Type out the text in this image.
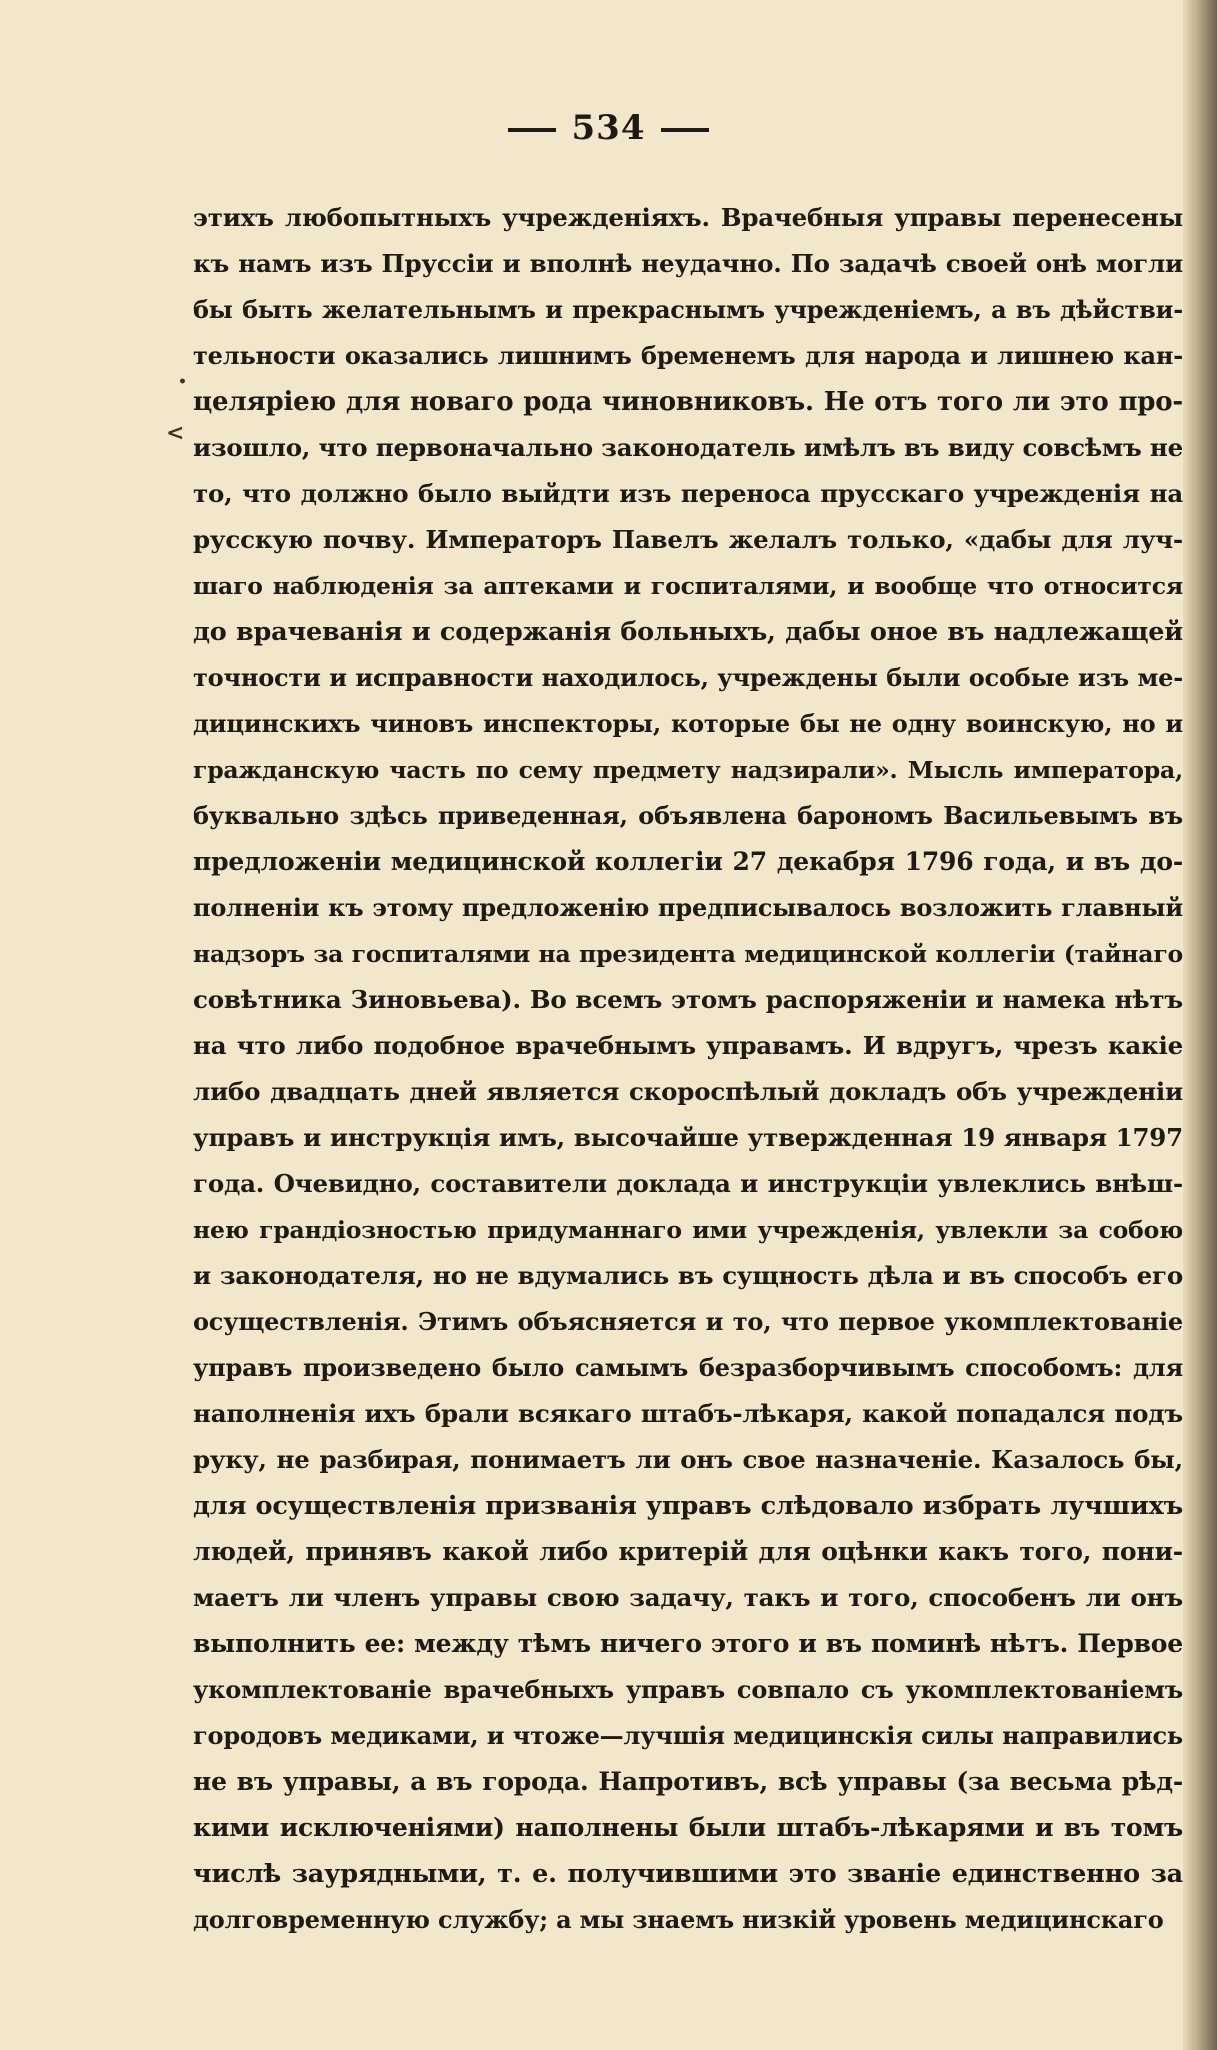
534
•
<
этихъ любопытныхъ учрежденіяхъ. Врачебныя управы перенесены
къ намъ изъ Пруссіи и вполнѣ неудачно. По задачѣ своей онѣ могли
бы быть желательнымъ и прекраснымъ учрежденіемъ, а въ дѣйстви-
тельности оказались лишнимъ бременемъ для народа и лишнею кан-
целяріею для новаго рода чиновниковъ. Не отъ того ли это про-
изошло, что первоначально законодатель имѣлъ въ виду совсѣмъ не
то, что должно было выйдти изъ переноса прусскаго учрежденія на
русскую почву. Императоръ Павелъ желалъ только, «дабы для луч-
шаго наблюденія за аптеками и госпиталями, и вообще что относится
до врачеванія и содержанія больныхъ, дабы оное въ надлежащей
точности и исправности находилось, учреждены были особые изъ ме-
дицинскихъ чиновъ инспекторы, которые бы не одну воинскую, но и
гражданскую часть по сему предмету надзирали». Мысль императора,
буквально здѣсь приведенная, объявлена барономъ Васильевымъ въ
предложеніи медицинской коллегіи 27 декабря 1796 года, и въ до-
полненіи къ этому предложенію предписывалось возложить главный
надзоръ за госпиталями на президента медицинской коллегіи (тайнаго
совѣтника Зиновьева). Во всемъ этомъ распоряженіи и намека нѣтъ
на что либо подобное врачебнымъ управамъ. И вдругъ, чрезъ какіе
либо двадцать дней является скороспѣлый докладъ объ учрежденіи
управъ и инструкція имъ, высочайше утвержденная 19 января 1797
года. Очевидно, составители доклада и инструкціи увлеклись внѣш-
нею грандіозностью придуманнаго ими учрежденія, увлекли за собою
и законодателя, но не вдумались въ сущность дѣла и въ способъ его
осуществленія. Этимъ объясняется и то, что первое укомплектованіе
управъ произведено было самымъ безразборчивымъ способомъ: для
наполненія ихъ брали всякаго штабъ-лѣкаря, какой попадался подъ
руку, не разбирая, понимаетъ ли онъ свое назначеніе. Казалось бы,
для осуществленія призванія управъ слѣдовало избрать лучшихъ
людей, принявъ какой либо критерій для оцѣнки какъ того, пони-
маетъ ли членъ управы свою задачу, такъ и того, способенъ ли онъ
выполнить ее: между тѣмъ ничего этого и въ поминѣ нѣтъ. Первое
укомплектованіе врачебныхъ управъ совпало съ укомплектованіемъ
городовъ медиками, и чтоже—лучшія медицинскія силы направились
не въ управы, а въ города. Напротивъ, всѣ управы (за весьма рѣд-
кими исключеніями) наполнены были штабъ-лѣкарями и въ томъ
числѣ заурядными, т. е. получившими это званіе единственно за
долговременную службу; а мы знаемъ низкій уровень медицинскаго
